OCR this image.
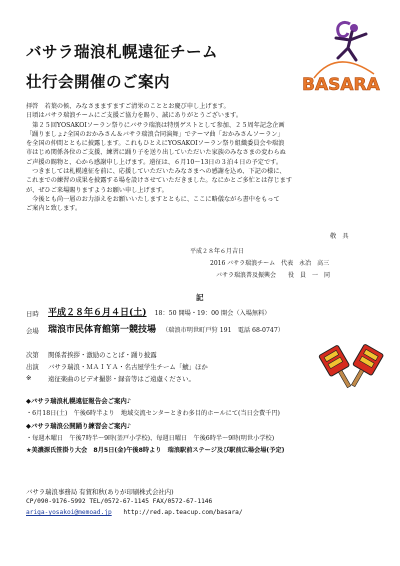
バサラ瑞浪札幌遠征チーム
壮行会開催のご案内	BASARA
拝啓　若葉の候、みなさまますますご清栄のこととお慶び申し上げます。
日頃はバサラ瑞浪チームにご支援ご協力を賜り、誠にありがとうございます。
　第２５回YOSAKOIソーラン祭りにバサラ瑞浪は特別ゲストとして参加、２５周年記念企画
「踊りましょ♪全国のおかみさん＆バサラ瑞浪合同演舞」でテーマ曲「おかみさんソーラン」
を全国の仲間とともに披露します。これもひとえにYOSAKOIソーラン祭り組織委員会や瑞浪
市はじめ関係各位のご支援、練習に踊り子を送り出していただいた家族のみなさまの変わらぬ
ご声援の賜物と、心から感謝申し上げます。遠征は、６月10〜13日の３泊４日の予定です。
　つきましては札幌遠征を前に、応援していただいたみなさまへの感謝を込め、下記の様に、
これまでの練習の成果を披露する場を設けさせていただきました。なにかとご多忙とは存じます
が、ぜひご来場賜りますようお願い申し上げます。
　今後とも尚一層のお力添えをお願いいたしますとともに、ここに略儀ながら書中をもって
ご案内と致します。
敬　具
平成２８年６月吉日
2016 バサラ瑞浪チーム　代表　永冶　高三
バサラ瑞浪普及振興会　　役　員　一　同
記
日時 平成２８年６月４日(土) 18：50 開場・19：00 開会（入場無料）
会場 瑞浪市民体育館第一競技場 （瑞浪市明世町戸狩 191　電話 68-0747）
次第 関係者挨拶・激励のことば・踊り披露
出演 バサラ瑞浪・ＭＡＩＹＡ・名古屋学生チーム「鯱」ほか
※	遠征楽曲のビデオ撮影・録音等はご遠慮ください。
◆バサラ瑞浪札幌遠征報告会ご案内♪
・6月18日(土)　午後6時半より　地域交流センターときわ多目的ホールにて(当日会費千円)
◆バサラ瑞浪公開踊り練習会ご案内♪
・毎週木曜日　午後7時半〜9時(釜戸小学校)、毎週日曜日　午後6時半〜9時(明世小学校)
★美濃源氏笹掛り大会　8月5日(金)午後8時より　瑞浪駅前ステージ及び駅前広場会場(予定)
バサラ瑞浪事務局 有賀和秋(ありが印刷株式会社内)
CP/090-9176-5992 TEL/0572-67-1145 FAX/0572-67-1146
ariga-yosakoi@memoad.jp http://red.ap.teacup.com/basara/
